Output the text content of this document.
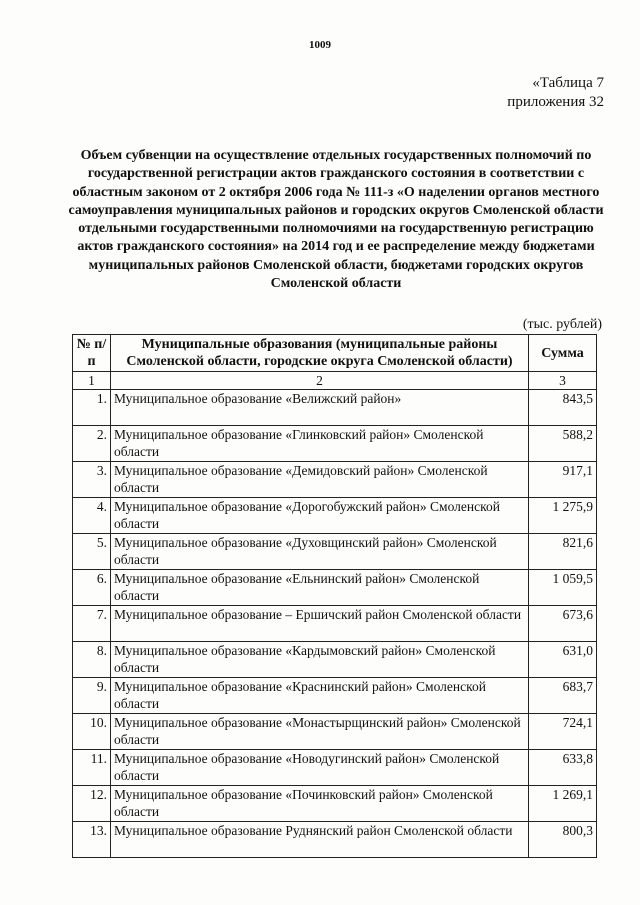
1009
«Таблица 7
приложения 32
Объем субвенции на осуществление отдельных государственных полномочий по государственной регистрации актов гражданского состояния в соответствии с областным законом от 2 октября 2006 года № 111-з «О наделении органов местного самоуправления муниципальных районов и городских округов Смоленской области отдельными государственными полномочиями на государственную регистрацию актов гражданского состояния» на 2014 год и ее распределение между бюджетами муниципальных районов Смоленской области, бюджетами городских округов Смоленской области
(тыс. рублей)
№ п/п	Муниципальные образования (муниципальные районы Смоленской области, городские округа Смоленской области)	Сумма
1	2	3
1.	Муниципальное образование «Велижский район»	843,5
2.	Муниципальное образование «Глинковский район» Смоленской области	588,2
3.	Муниципальное образование «Демидовский район» Смоленской области	917,1
4.	Муниципальное образование «Дорогобужский район» Смоленской области	1 275,9
5.	Муниципальное образование «Духовщинский район» Смоленской области	821,6
6.	Муниципальное образование «Ельнинский район» Смоленской области	1 059,5
7.	Муниципальное образование – Ершичский район Смоленской области	673,6
8.	Муниципальное образование «Кардымовский район» Смоленской области	631,0
9.	Муниципальное образование «Краснинский район» Смоленской области	683,7
10.	Муниципальное образование «Монастырщинский район» Смоленской области	724,1
11.	Муниципальное образование «Новодугинский район» Смоленской области	633,8
12.	Муниципальное образование «Починковский район» Смоленской области	1 269,1
13.	Муниципальное образование Руднянский район Смоленской области	800,3
